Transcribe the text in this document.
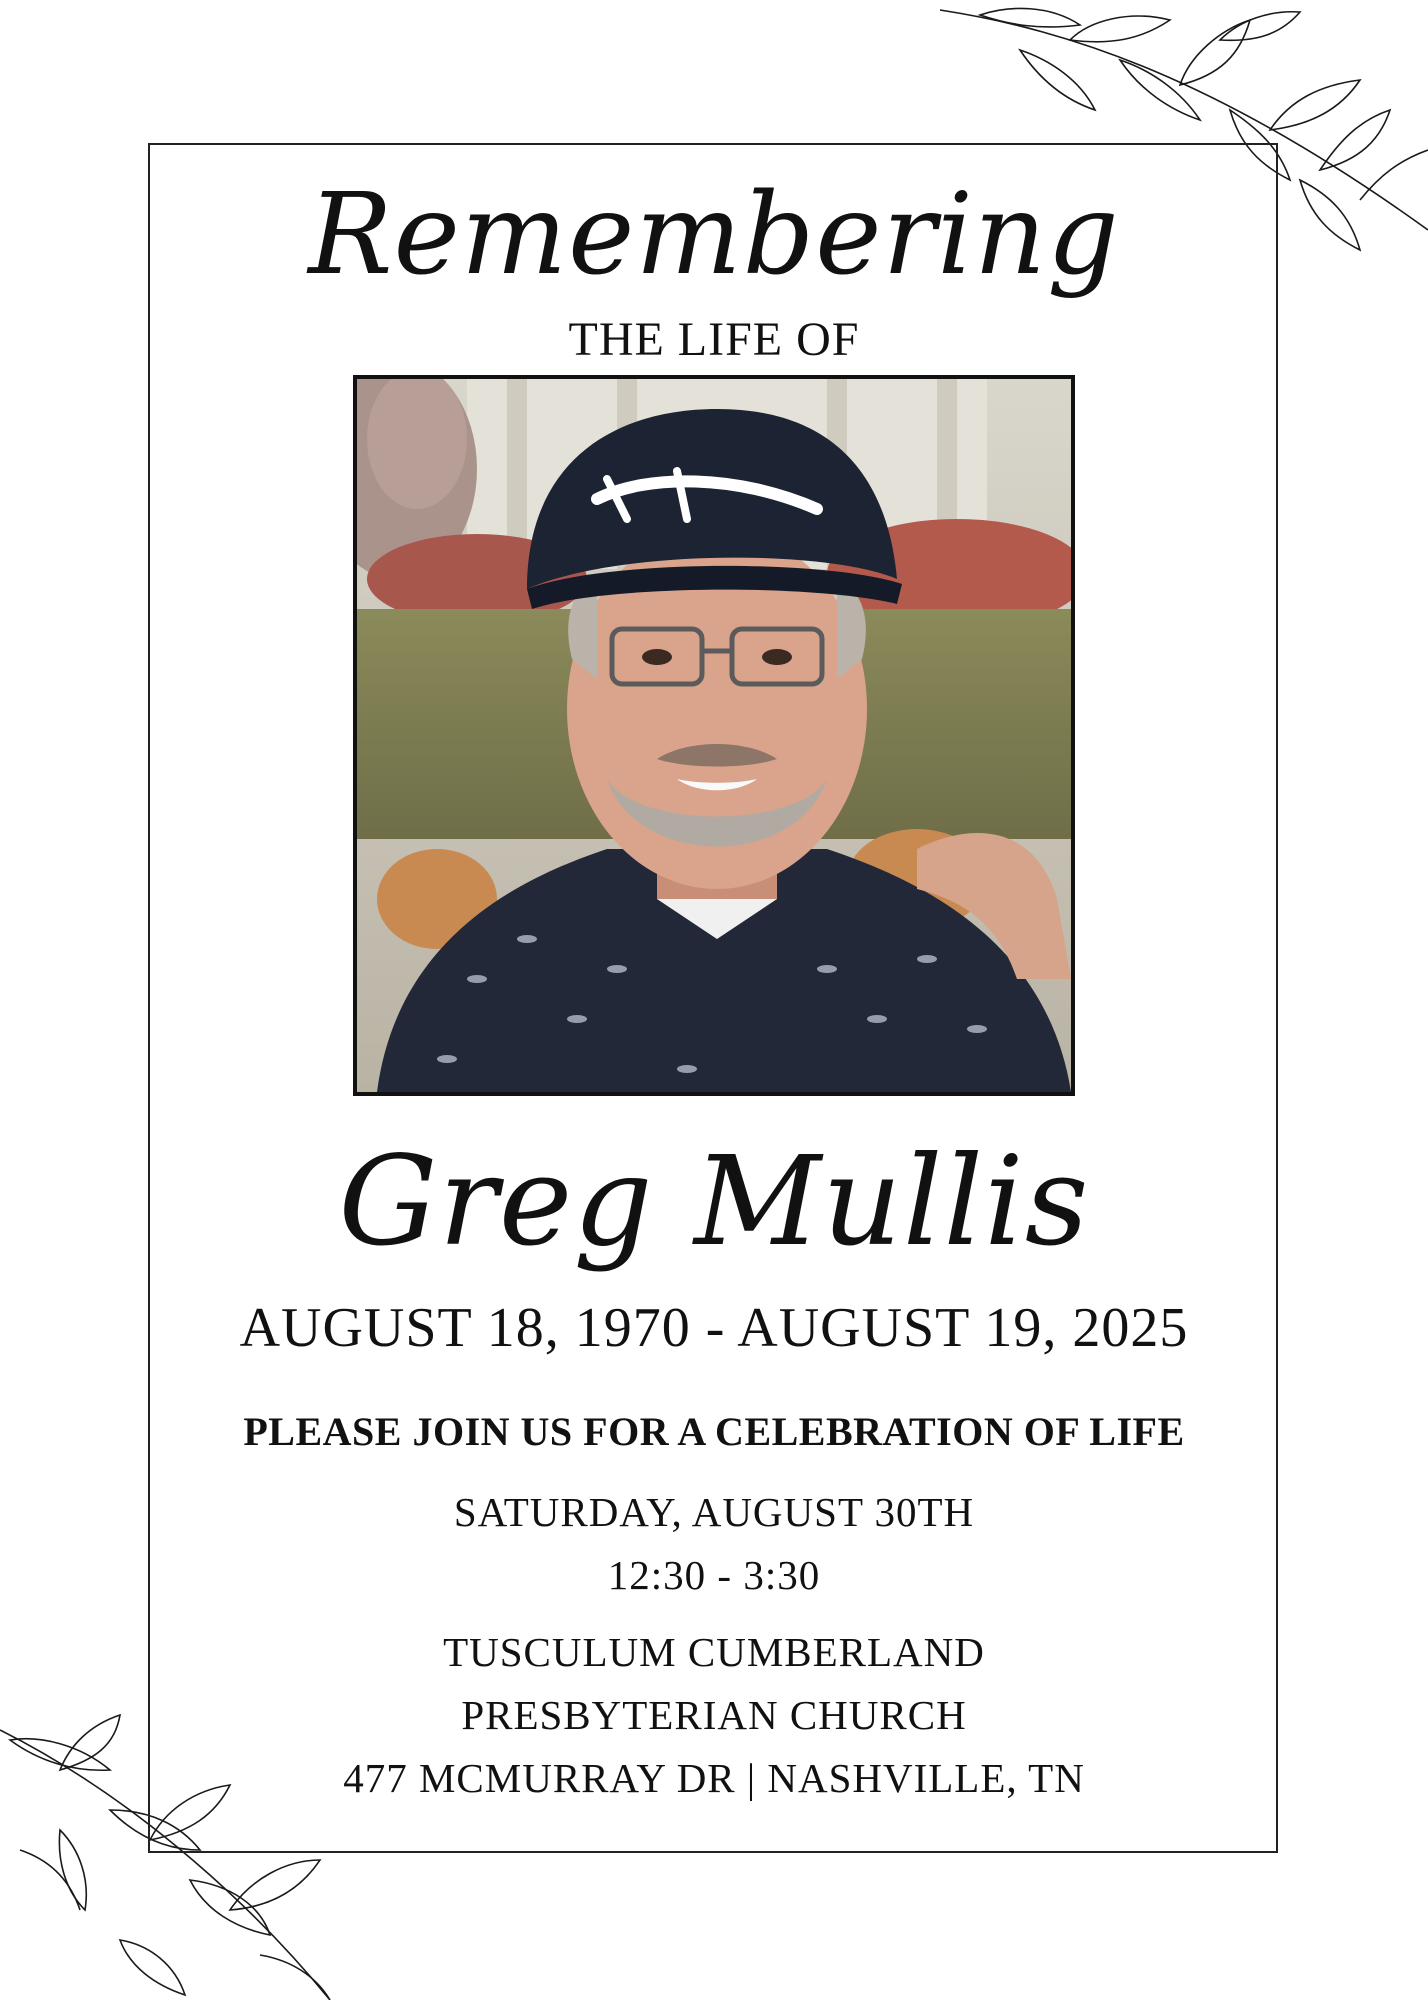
Remembering
THE LIFE OF
Greg Mullis
AUGUST 18, 1970 - AUGUST 19, 2025
PLEASE JOIN US FOR A CELEBRATION OF LIFE
SATURDAY, AUGUST 30TH
12:30 - 3:30
TUSCULUM CUMBERLAND
PRESBYTERIAN CHURCH
477 MCMURRAY DR | NASHVILLE, TN
